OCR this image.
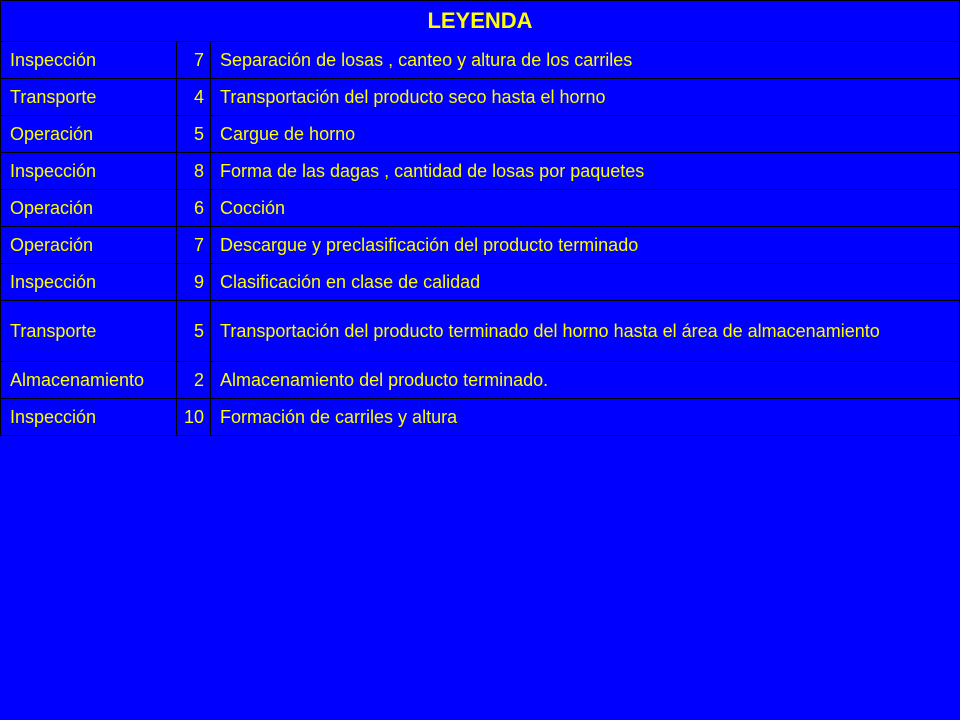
LEYENDA		
Inspección	7	Separación de losas , canteo y altura de los carriles
Transporte	4	Transportación del producto seco hasta el horno
Operación	5	Cargue de horno
Inspección	8	Forma de las dagas , cantidad de losas por paquetes
Operación	6	Cocción
Operación	7	Descargue y preclasificación del producto terminado
Inspección	9	Clasificación en clase de calidad
Transporte	5	Transportación del producto terminado del horno hasta el área de almacenamiento
Almacenamiento	2	Almacenamiento del producto terminado.
Inspección	10	Formación de carriles y altura
